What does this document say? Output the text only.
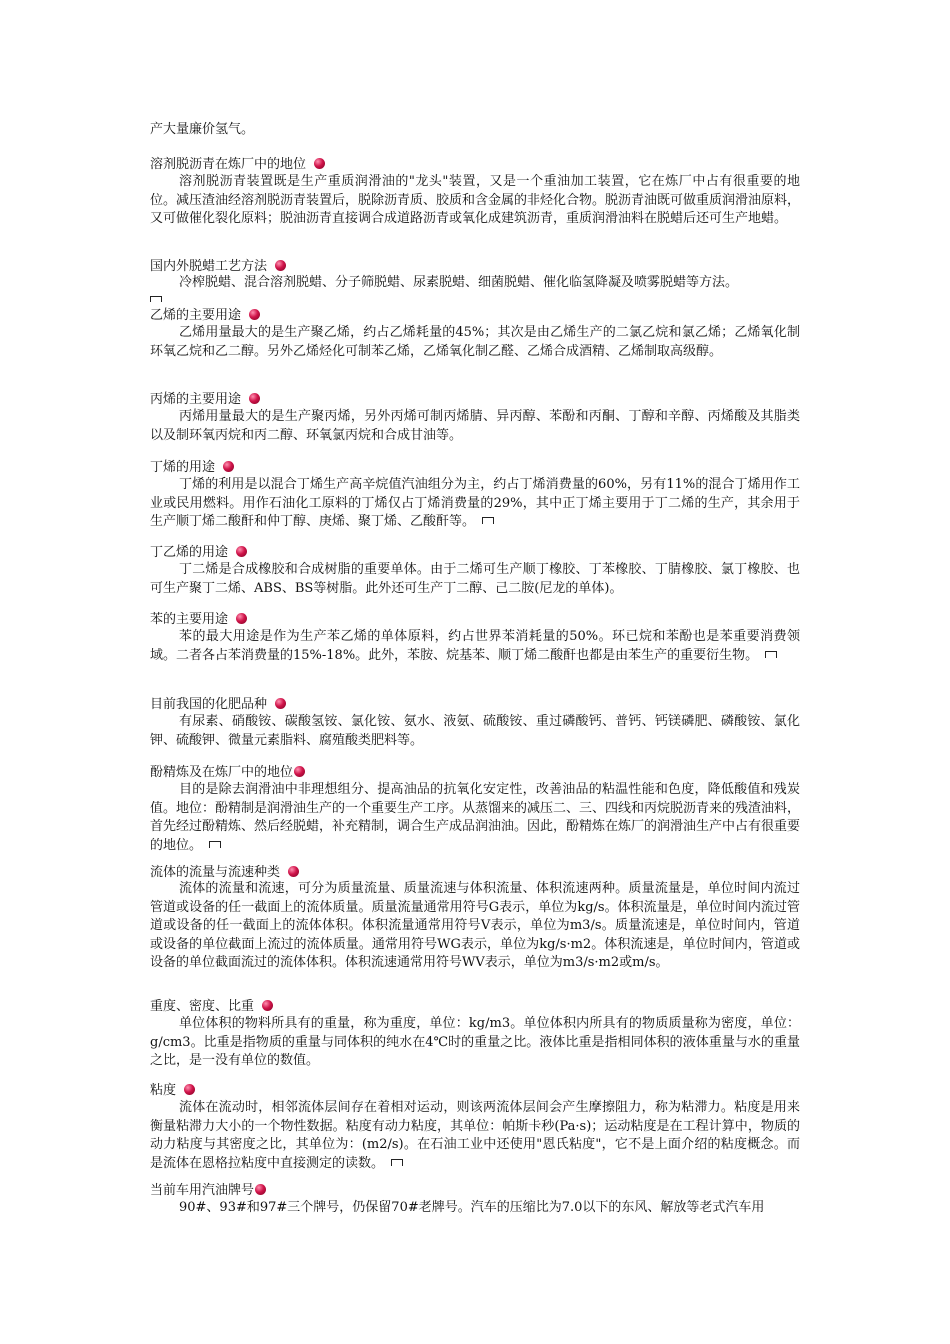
产大量廉价氢气。

溶剂脱沥青在炼厂中的地位

溶剂脱沥青装置既是生产重质润滑油的"龙头"装置，又是一个重油加工装置，它在炼厂中占有很重要的地位。减压渣油经溶剂脱沥青装置后，脱除沥青质、胶质和含金属的非烃化合物。脱沥青油既可做重质润滑油原料，又可做催化裂化原料；脱油沥青直接调合成道路沥青或氧化成建筑沥青，重质润滑油料在脱蜡后还可生产地蜡。

国内外脱蜡工艺方法

冷榨脱蜡、混合溶剂脱蜡、分子筛脱蜡、尿素脱蜡、细菌脱蜡、催化临氢降凝及喷雾脱蜡等方法。

乙烯的主要用途

乙烯用量最大的是生产聚乙烯，约占乙烯耗量的45%；其次是由乙烯生产的二氯乙烷和氯乙烯；乙烯氧化制环氧乙烷和乙二醇。另外乙烯烃化可制苯乙烯，乙烯氧化制乙醛、乙烯合成酒精、乙烯制取高级醇。

丙烯的主要用途

丙烯用量最大的是生产聚丙烯，另外丙烯可制丙烯腈、异丙醇、苯酚和丙酮、丁醇和辛醇、丙烯酸及其脂类以及制环氧丙烷和丙二醇、环氧氯丙烷和合成甘油等。

丁烯的用途

丁烯的利用是以混合丁烯生产高辛烷值汽油组分为主，约占丁烯消费量的60%，另有11%的混合丁烯用作工业或民用燃料。用作石油化工原料的丁烯仅占丁烯消费量的29%，其中正丁烯主要用于丁二烯的生产，其余用于生产顺丁烯二酸酐和仲丁醇、庚烯、聚丁烯、乙酸酐等。

丁乙烯的用途

丁二烯是合成橡胶和合成树脂的重要单体。由于二烯可生产顺丁橡胶、丁苯橡胶、丁腈橡胶、氯丁橡胶、也可生产聚丁二烯、ABS、BS等树脂。此外还可生产丁二醇、己二胺(尼龙的单体)。

苯的主要用途

苯的最大用途是作为生产苯乙烯的单体原料，约占世界苯消耗量的50%。环已烷和苯酚也是苯重要消费领域。二者各占苯消费量的15%-18%。此外，苯胺、烷基苯、顺丁烯二酸酐也都是由苯生产的重要衍生物。

目前我国的化肥品种

有尿素、硝酸铵、碳酸氢铵、氯化铵、氨水、液氨、硫酸铵、重过磷酸钙、普钙、钙镁磷肥、磷酸铵、氯化钾、硫酸钾、微量元素脂料、腐殖酸类肥料等。

酚精炼及在炼厂中的地位

目的是除去润滑油中非理想组分、提高油品的抗氧化安定性，改善油品的粘温性能和色度，降低酸值和残炭值。地位：酚精制是润滑油生产的一个重要生产工序。从蒸馏来的减压二、三、四线和丙烷脱沥青来的残渣油料，首先经过酚精炼、然后经脱蜡，补充精制，调合生产成品润油油。因此，酚精炼在炼厂的润滑油生产中占有很重要的地位。

流体的流量与流速种类

流体的流量和流速，可分为质量流量、质量流速与体积流量、体积流速两种。质量流量是，单位时间内流过管道或设备的任一截面上的流体质量。质量流量通常用符号G表示，单位为kg/s。体积流量是，单位时间内流过管道或设备的任一截面上的流体体积。体积流量通常用符号V表示，单位为m3/s。质量流速是，单位时间内，管道或设备的单位截面上流过的流体质量。通常用符号WG表示，单位为kg/s·m2。体积流速是，单位时间内，管道或设备的单位截面流过的流体体积。体积流速通常用符号WV表示，单位为m3/s·m2或m/s。

重度、密度、比重

单位体积的物料所具有的重量，称为重度，单位：kg/m3。单位体积内所具有的物质质量称为密度，单位：g/cm3。比重是指物质的重量与同体积的纯水在4℃时的重量之比。液体比重是指相同体积的液体重量与水的重量之比，是一没有单位的数值。

粘度

流体在流动时，相邻流体层间存在着相对运动，则该两流体层间会产生摩擦阻力，称为粘滞力。粘度是用来衡量粘滞力大小的一个物性数据。粘度有动力粘度，其单位：帕斯卡秒(Pa·s)；运动粘度是在工程计算中，物质的动力粘度与其密度之比，其单位为：(m2/s)。在石油工业中还使用"恩氏粘度"，它不是上面介绍的粘度概念。而是流体在恩格拉粘度中直接测定的读数。

当前车用汽油牌号

90#、93#和97#三个牌号，仍保留70#老牌号。汽车的压缩比为7.0以下的东风、解放等老式汽车用
